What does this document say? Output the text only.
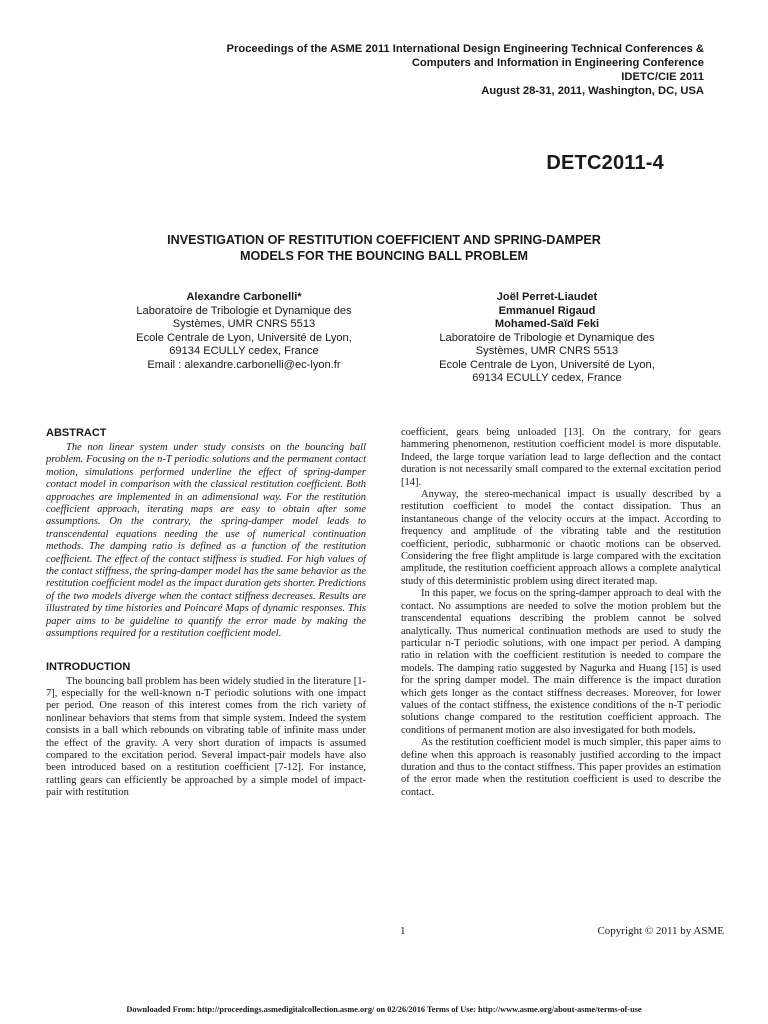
Proceedings of the ASME 2011 International Design Engineering Technical Conferences &
Computers and Information in Engineering Conference
IDETC/CIE 2011
August 28-31, 2011, Washington, DC, USA
DETC2011-4
INVESTIGATION OF RESTITUTION COEFFICIENT AND SPRING-DAMPER
MODELS FOR THE BOUNCING BALL PROBLEM
Alexandre Carbonelli*
Laboratoire de Tribologie et Dynamique des
Systèmes, UMR CNRS 5513
Ecole Centrale de Lyon, Université de Lyon,
69134 ECULLY cedex, France
Email : alexandre.carbonelli@ec-lyon.fr
Joël Perret-Liaudet
Emmanuel Rigaud
Mohamed-Saïd Feki
Laboratoire de Tribologie et Dynamique des
Systèmes, UMR CNRS 5513
Ecole Centrale de Lyon, Université de Lyon,
69134 ECULLY cedex, France
ABSTRACT

The non linear system under study consists on the bouncing ball problem. Focusing on the n-T periodic solutions and the permanent contact motion, simulations performed underline the effect of spring-damper contact model in comparison with the classical restitution coefficient. Both approaches are implemented in an adimensional way. For the restitution coefficient approach, iterating maps are easy to obtain after some assumptions. On the contrary, the spring-damper model leads to transcendental equations needing the use of numerical continuation methods. The damping ratio is defined as a function of the restitution coefficient. The effect of the contact stiffness is studied. For high values of the contact stiffness, the spring-damper model has the same behavior as the restitution coefficient model as the impact duration gets shorter. Predictions of the two models diverge when the contact stiffness decreases. Results are illustrated by time histories and Poincaré Maps of dynamic responses. This paper aims to be guideline to quantify the error made by making the assumptions required for a restitution coefficient model.

INTRODUCTION

The bouncing ball problem has been widely studied in the literature [1-7], especially for the well-known n-T periodic solutions with one impact per period. One reason of this interest comes from the rich variety of nonlinear behaviors that stems from that simple system. Indeed the system consists in a ball which rebounds on vibrating table of infinite mass under the effect of the gravity. A very short duration of impacts is assumed compared to the excitation period. Several impact-pair models have also been introduced based on a restitution coefficient [7-12]. For instance, rattling gears can efficiently be approached by a simple model of impact-pair with restitution

coefficient, gears being unloaded [13]. On the contrary, for gears hammering phenomenon, restitution coefficient model is more disputable. Indeed, the large torque variation lead to large deflection and the contact duration is not necessarily small compared to the external excitation period [14].

Anyway, the stereo-mechanical impact is usually described by a restitution coefficient to model the contact dissipation. Thus an instantaneous change of the velocity occurs at the impact. According to frequency and amplitude of the vibrating table and the restitution coefficient, periodic, subharmonic or chaotic motions can be observed. Considering the free flight amplitude is large compared with the excitation amplitude, the restitution coefficient approach allows a complete analytical study of this deterministic problem using direct iterated map.

In this paper, we focus on the spring-damper approach to deal with the contact. No assumptions are needed to solve the motion problem but the transcendental equations describing the problem cannot be solved analytically. Thus numerical continuation methods are used to study the particular n-T periodic solutions, with one impact per period. A damping ratio in relation with the coefficient restitution is needed to compare the models. The damping ratio suggested by Nagurka and Huang [15] is used for the spring damper model. The main difference is the impact duration which gets longer as the contact stiffness decreases. Moreover, for lower values of the contact stiffness, the existence conditions of the n-T periodic solutions change compared to the restitution coefficient approach. The conditions of permanent motion are also investigated for both models.

As the restitution coefficient model is much simpler, this paper aims to define when this approach is reasonably justified according to the impact duration and thus to the contact stiffness. This paper provides an estimation of the error made when the restitution coefficient is used to describe the contact.

1	Copyright © 2011 by ASME
Downloaded From: http://proceedings.asmedigitalcollection.asme.org/ on 02/26/2016 Terms of Use: http://www.asme.org/about-asme/terms-of-use
